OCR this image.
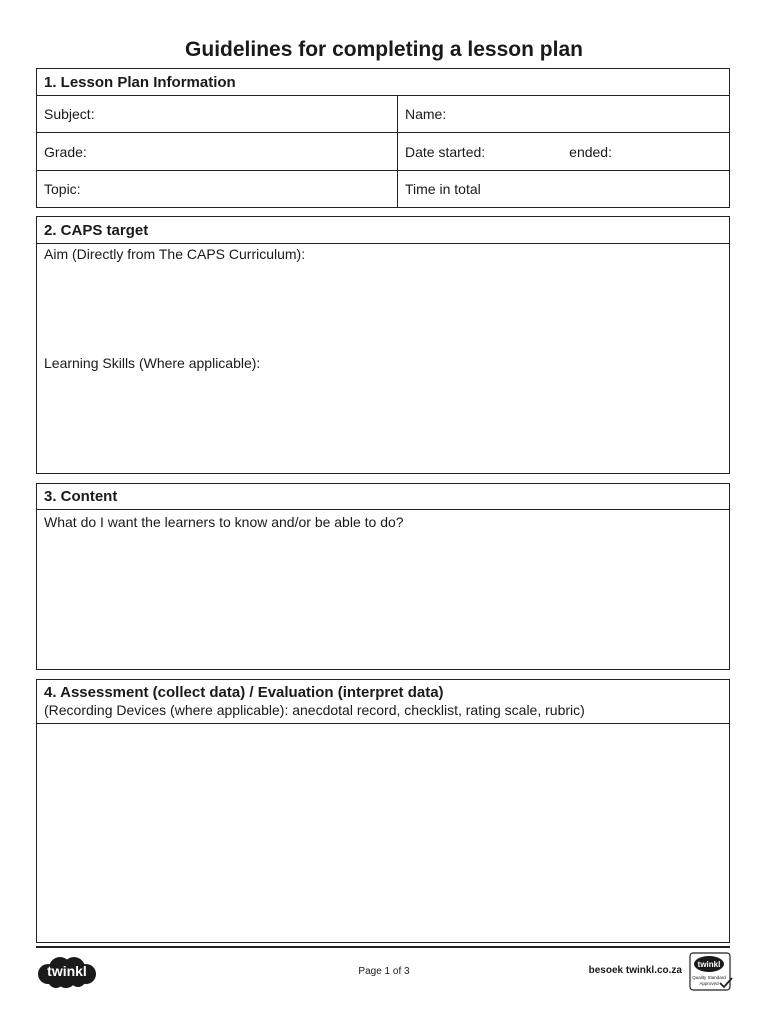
Guidelines for completing a lesson plan
1. Lesson Plan Information
Subject:	Name:
Grade:	Date started:	ended:
Topic:	Time in total
2. CAPS target
Aim (Directly from The CAPS Curriculum):
Learning Skills (Where applicable):
3. Content
What do I want the learners to know and/or be able to do?
4. Assessment (collect data) / Evaluation (interpret data)
(Recording Devices (where applicable): anecdotal record, checklist, rating scale, rubric)
twinkl	Page 1 of 3	besoek twinkl.co.za
twinkl
Quality Standard
Approved
